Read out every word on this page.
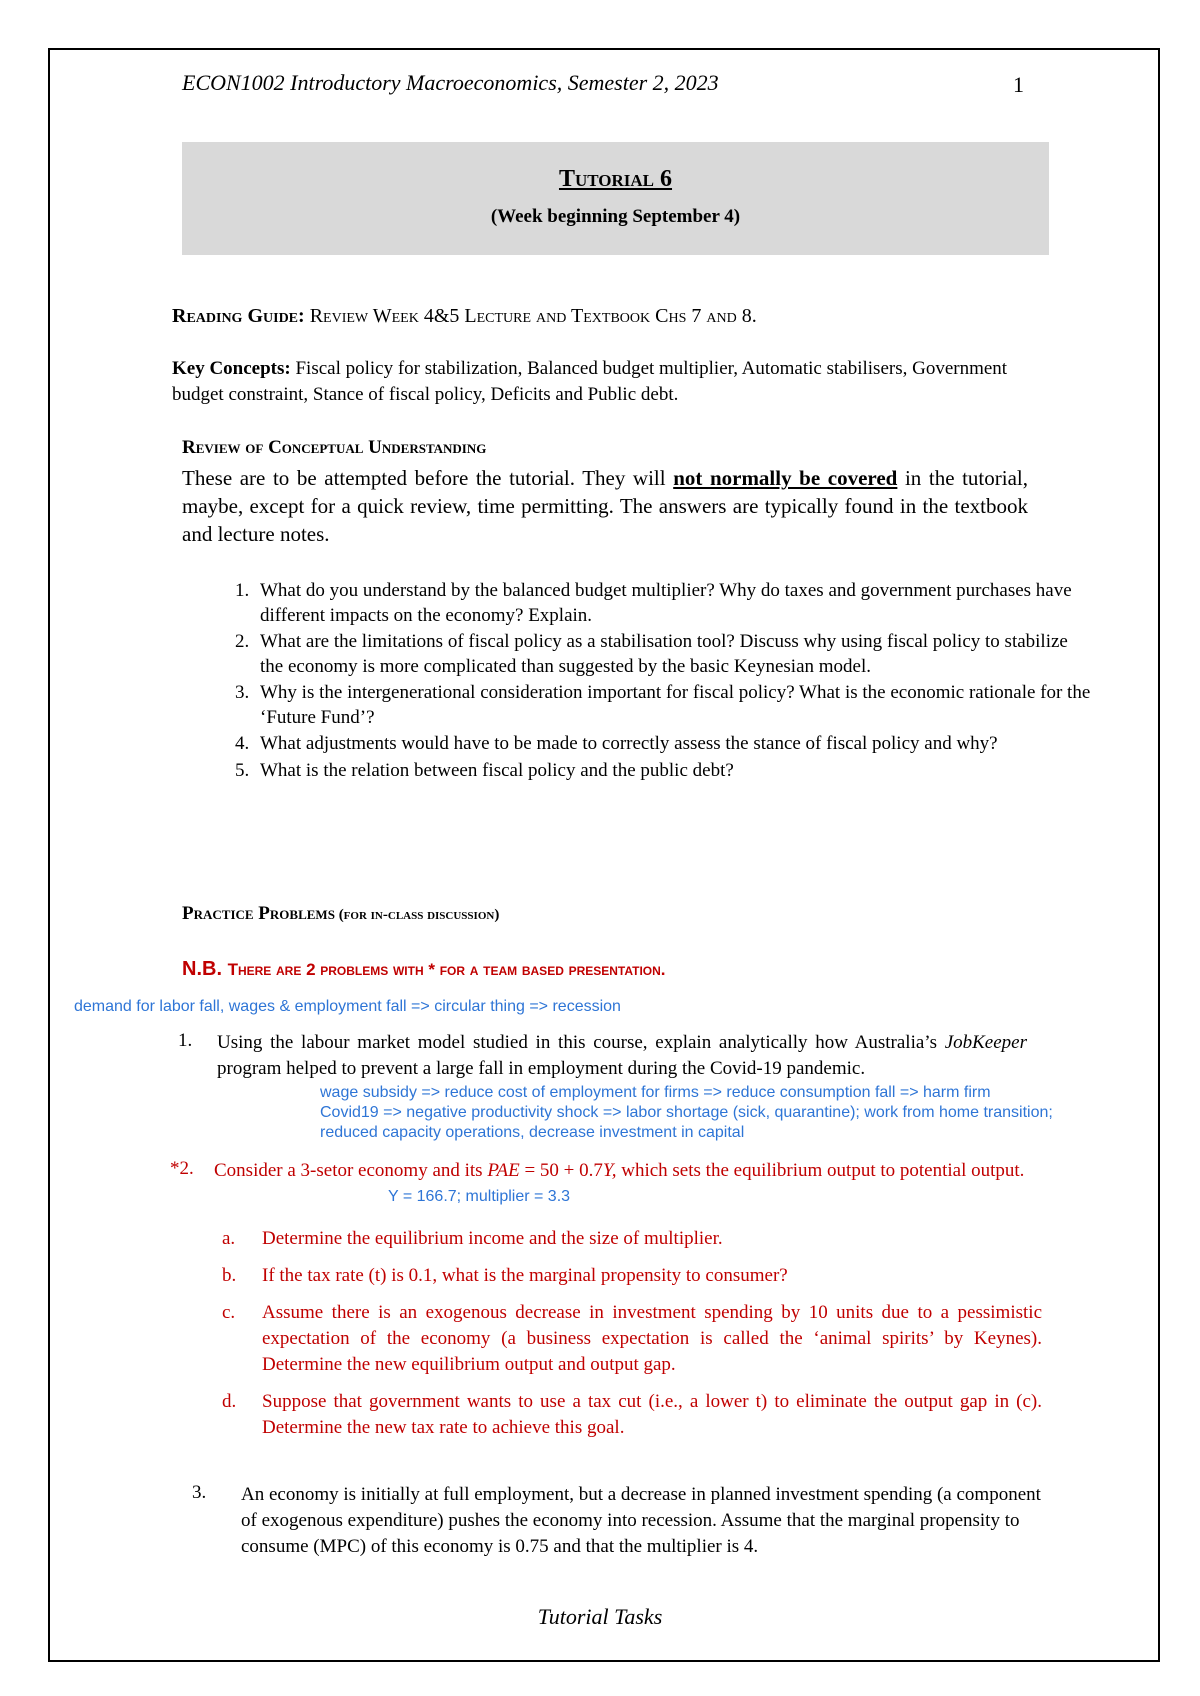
ECON1002 Introductory Macroeconomics, Semester 2, 2023	1
Tutorial 6
(Week beginning September 4)
Reading Guide: Review Week 4&5 Lecture and Textbook Chs 7 and 8.
Key Concepts: Fiscal policy for stabilization, Balanced budget multiplier, Automatic stabilisers, Government budget constraint, Stance of fiscal policy, Deficits and Public debt.
Review of Conceptual Understanding
These are to be attempted before the tutorial. They will not normally be covered in the tutorial, maybe, except for a quick review, time permitting. The answers are typically found in the textbook and lecture notes.
1. What do you understand by the balanced budget multiplier? Why do taxes and government purchases have different impacts on the economy? Explain.
2. What are the limitations of fiscal policy as a stabilisation tool? Discuss why using fiscal policy to stabilize the economy is more complicated than suggested by the basic Keynesian model.
3. Why is the intergenerational consideration important for fiscal policy? What is the economic rationale for the ‘Future Fund’?
4. What adjustments would have to be made to correctly assess the stance of fiscal policy and why?
5. What is the relation between fiscal policy and the public debt?
Practice Problems (for in-class discussion)
N.B. There are 2 problems with * for a team based presentation.
demand for labor fall, wages & employment fall => circular thing => recession
1. Using the labour market model studied in this course, explain analytically how Australia’s JobKeeper program helped to prevent a large fall in employment during the Covid-19 pandemic.
wage subsidy => reduce cost of employment for firms => reduce consumption fall => harm firm
Covid19 => negative productivity shock => labor shortage (sick, quarantine); work from home transition;
reduced capacity operations, decrease investment in capital
*2. Consider a 3-setor economy and its PAE = 50 + 0.7Y, which sets the equilibrium output to potential output.
Y = 166.7; multiplier = 3.3
a. Determine the equilibrium income and the size of multiplier.
b. If the tax rate (t) is 0.1, what is the marginal propensity to consumer?
c. Assume there is an exogenous decrease in investment spending by 10 units due to a pessimistic expectation of the economy (a business expectation is called the ‘animal spirits’ by Keynes). Determine the new equilibrium output and output gap.
d. Suppose that government wants to use a tax cut (i.e., a lower t) to eliminate the output gap in (c). Determine the new tax rate to achieve this goal.
3. An economy is initially at full employment, but a decrease in planned investment spending (a component of exogenous expenditure) pushes the economy into recession. Assume that the marginal propensity to consume (MPC) of this economy is 0.75 and that the multiplier is 4.
Tutorial Tasks
